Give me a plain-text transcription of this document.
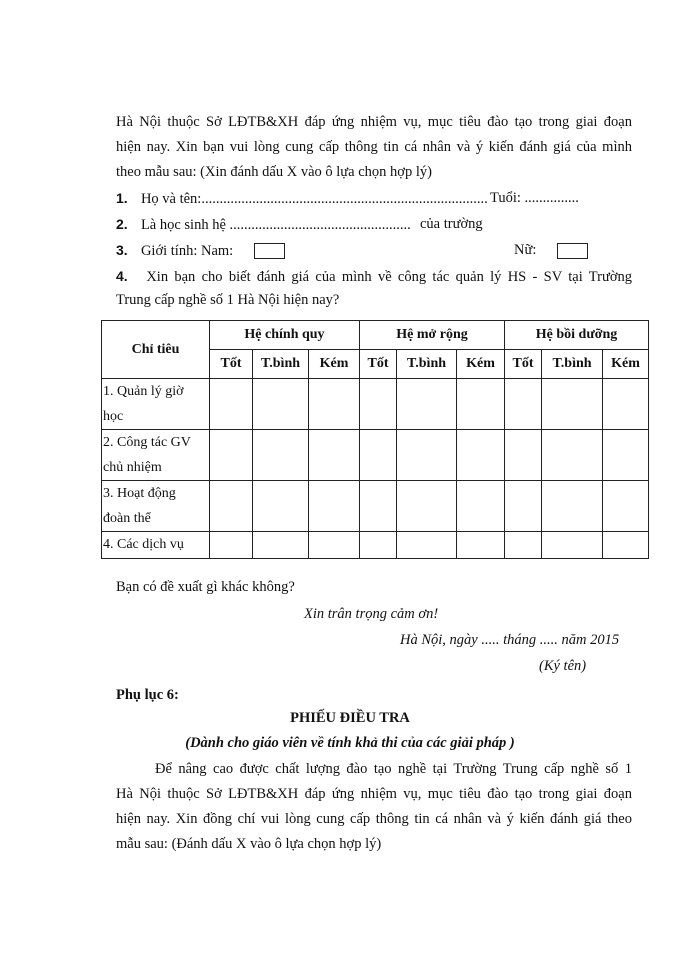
Hà Nội thuộc Sở LĐTB&XH đáp ứng nhiệm vụ, mục tiêu đào tạo trong giai đoạn
hiện nay. Xin bạn vui lòng cung cấp thông tin cá nhân và ý kiến đánh giá của mình
theo mẫu sau: (Xin đánh dấu X vào ô lựa chọn hợp lý)
1. Họ và tên:............................................................................... Tuổi: ...............
2. Là học sinh hệ .................................................. của trường
3. Giới tính: Nam:	Nữ:
4. Xin bạn cho biết đánh giá của mình về công tác quản lý HS - SV tại Trường
Trung cấp nghề số 1 Hà Nội hiện nay?
Chỉ tiêu	Hệ chính quy			Hệ mở rộng			Hệ bồi dưỡng		
	Tốt	T.bình	Kém	Tốt	T.bình	Kém	Tốt	T.bình	Kém

1. Quản lý giờ
học									

2. Công tác GV
chủ nhiệm									

3. Hoạt động
đoàn thể									

4. Các dịch vụ									

Bạn có đề xuất gì khác không?
Xin trân trọng cảm ơn!
Hà Nội, ngày ..... tháng ..... năm 2015
(Ký tên)
Phụ lục 6:
PHIẾU ĐIỀU TRA
(Dành cho giáo viên về tính khả thi của các giải pháp )
Để nâng cao được chất lượng đào tạo nghề tại Trường Trung cấp nghề số 1
Hà Nội thuộc Sở LĐTB&XH đáp ứng nhiệm vụ, mục tiêu đào tạo trong giai đoạn
hiện nay. Xin đồng chí vui lòng cung cấp thông tin cá nhân và ý kiến đánh giá theo
mẫu sau: (Đánh dấu X vào ô lựa chọn hợp lý)
